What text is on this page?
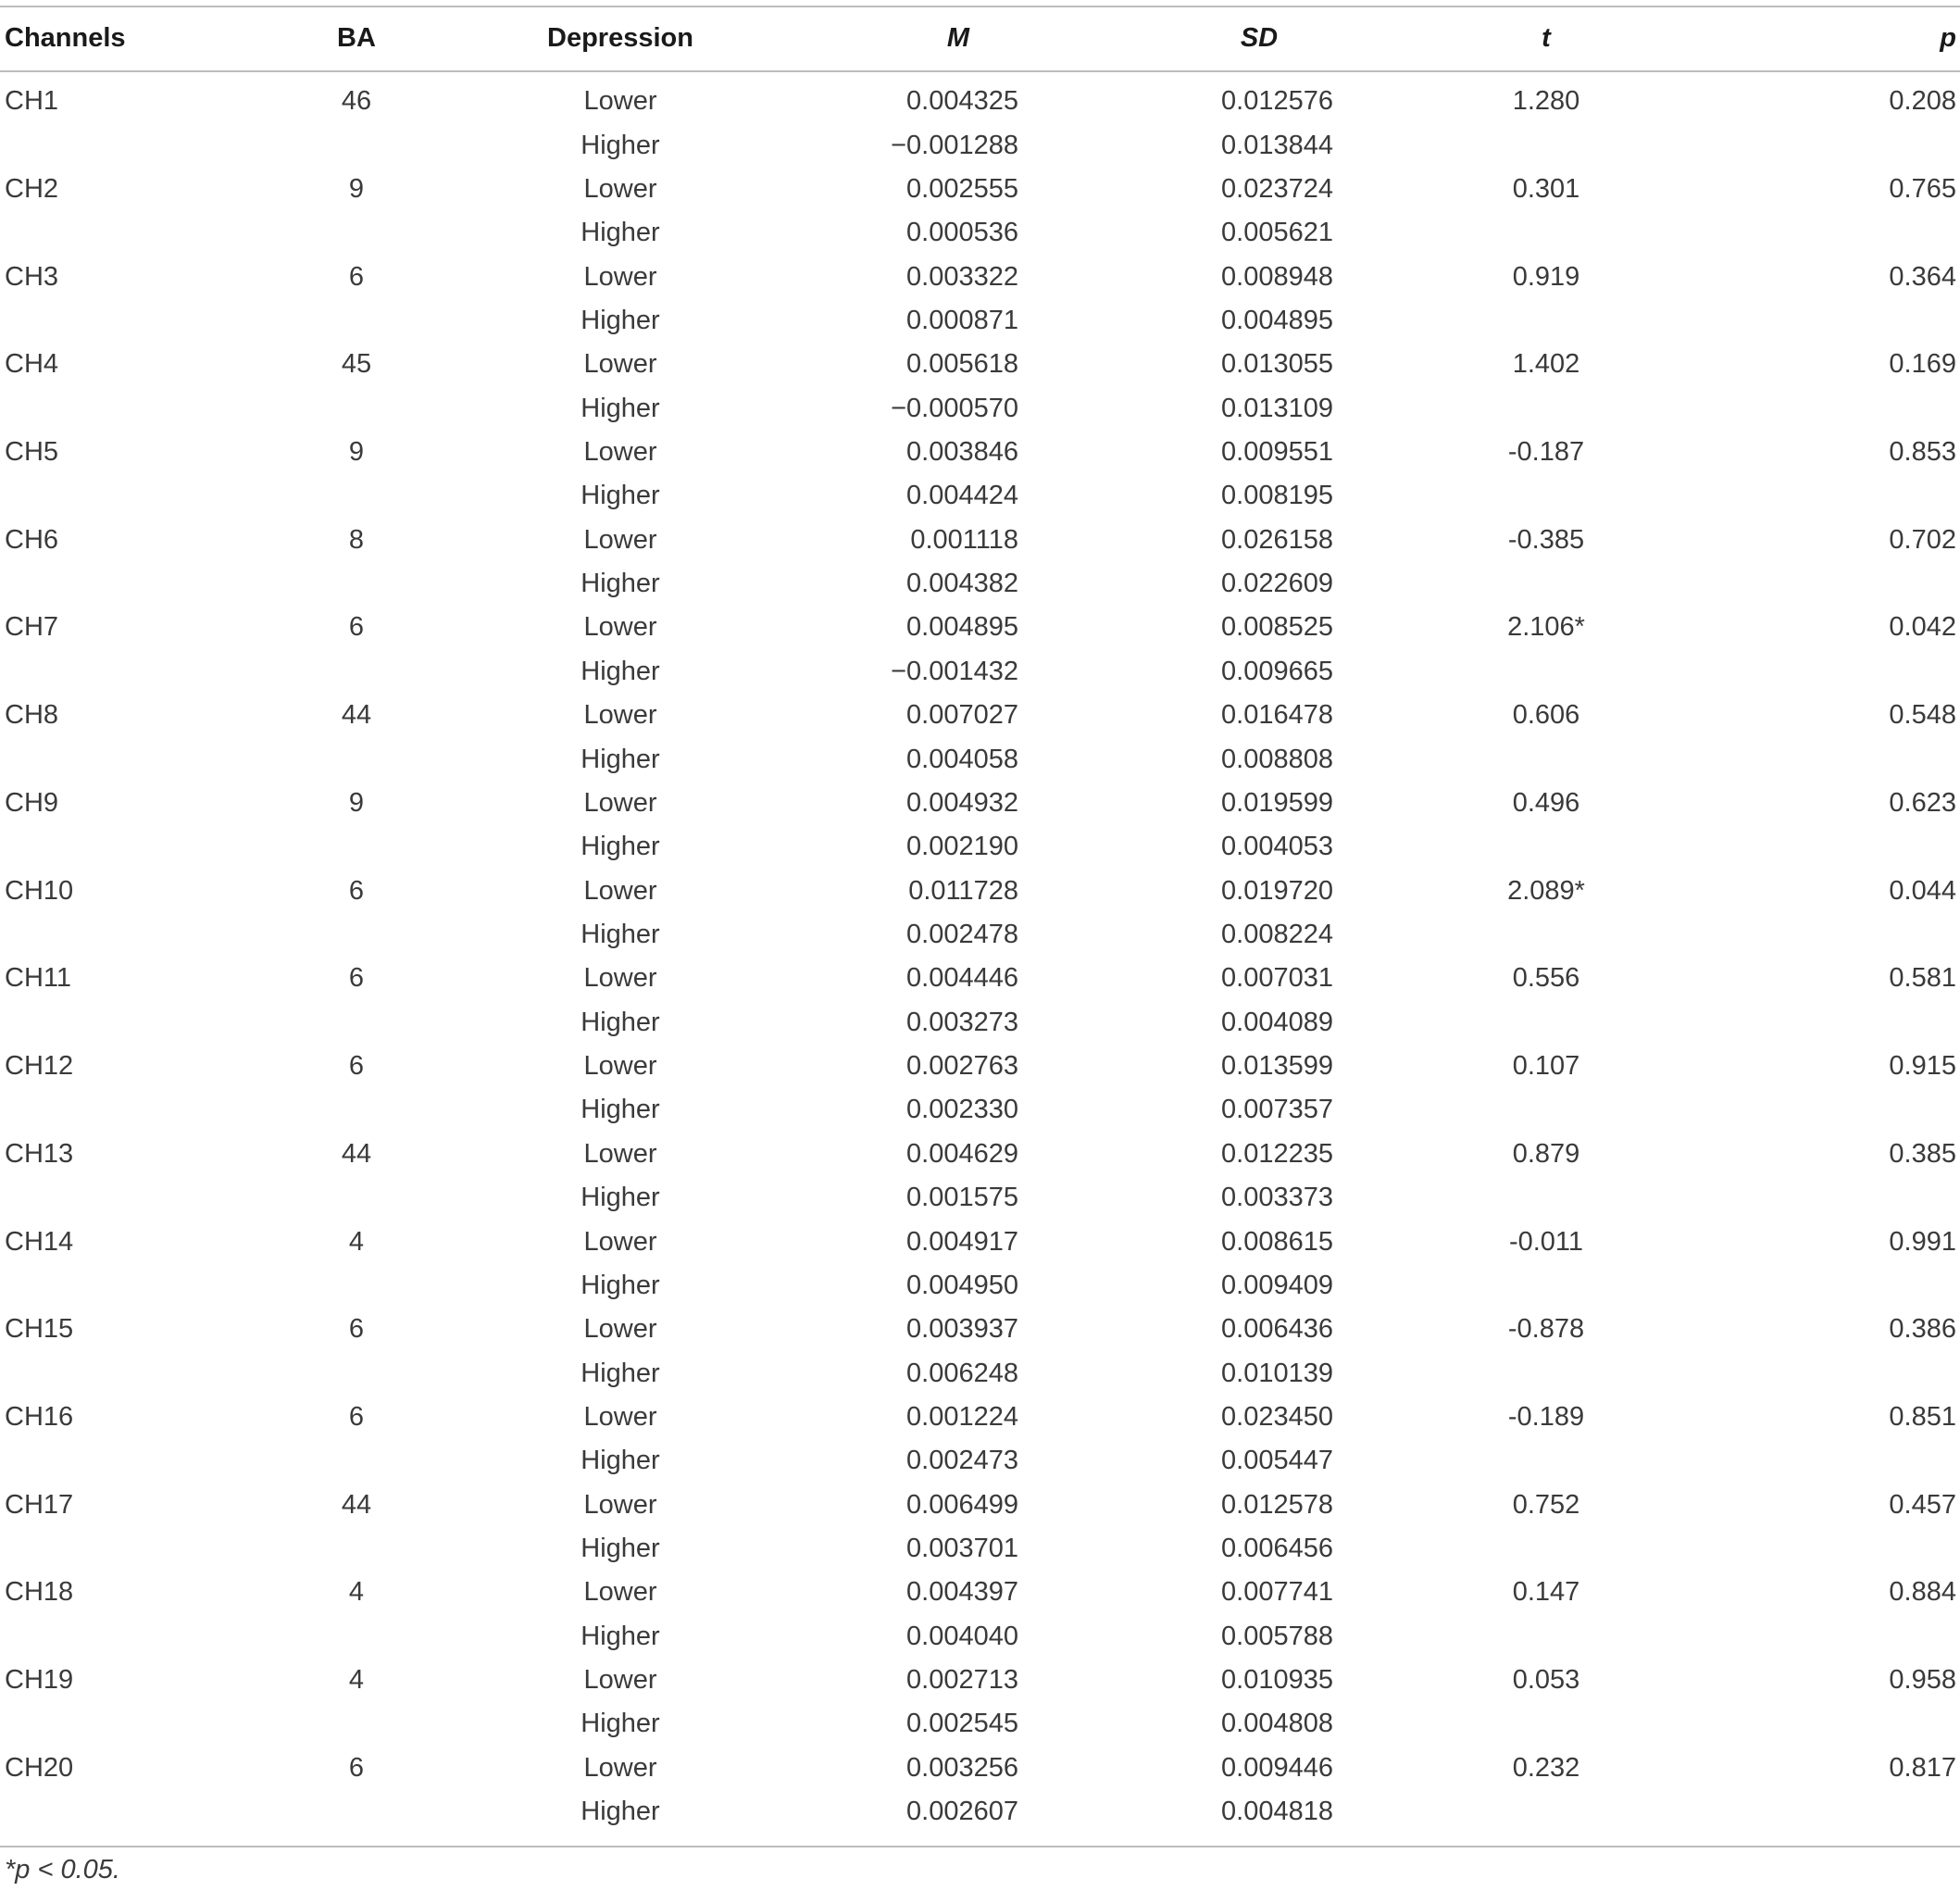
Channels	BA	Depression	M	SD	t	p
CH1	46	Lower	0.004325	0.012576	1.280	0.208
		Higher	−0.001288	0.013844		
CH2	9	Lower	0.002555	0.023724	0.301	0.765
		Higher	0.000536	0.005621		
CH3	6	Lower	0.003322	0.008948	0.919	0.364
		Higher	0.000871	0.004895		
CH4	45	Lower	0.005618	0.013055	1.402	0.169
		Higher	−0.000570	0.013109		
CH5	9	Lower	0.003846	0.009551	-0.187	0.853
		Higher	0.004424	0.008195		
CH6	8	Lower	0.001118	0.026158	-0.385	0.702
		Higher	0.004382	0.022609		
CH7	6	Lower	0.004895	0.008525	2.106*	0.042
		Higher	−0.001432	0.009665		
CH8	44	Lower	0.007027	0.016478	0.606	0.548
		Higher	0.004058	0.008808		
CH9	9	Lower	0.004932	0.019599	0.496	0.623
		Higher	0.002190	0.004053		
CH10	6	Lower	0.011728	0.019720	2.089*	0.044
		Higher	0.002478	0.008224		
CH11	6	Lower	0.004446	0.007031	0.556	0.581
		Higher	0.003273	0.004089		
CH12	6	Lower	0.002763	0.013599	0.107	0.915
		Higher	0.002330	0.007357		
CH13	44	Lower	0.004629	0.012235	0.879	0.385
		Higher	0.001575	0.003373		
CH14	4	Lower	0.004917	0.008615	-0.011	0.991
		Higher	0.004950	0.009409		
CH15	6	Lower	0.003937	0.006436	-0.878	0.386
		Higher	0.006248	0.010139		
CH16	6	Lower	0.001224	0.023450	-0.189	0.851
		Higher	0.002473	0.005447		
CH17	44	Lower	0.006499	0.012578	0.752	0.457
		Higher	0.003701	0.006456		
CH18	4	Lower	0.004397	0.007741	0.147	0.884
		Higher	0.004040	0.005788		
CH19	4	Lower	0.002713	0.010935	0.053	0.958
		Higher	0.002545	0.004808		
CH20	6	Lower	0.003256	0.009446	0.232	0.817
		Higher	0.002607	0.004818		
*p < 0.05.
